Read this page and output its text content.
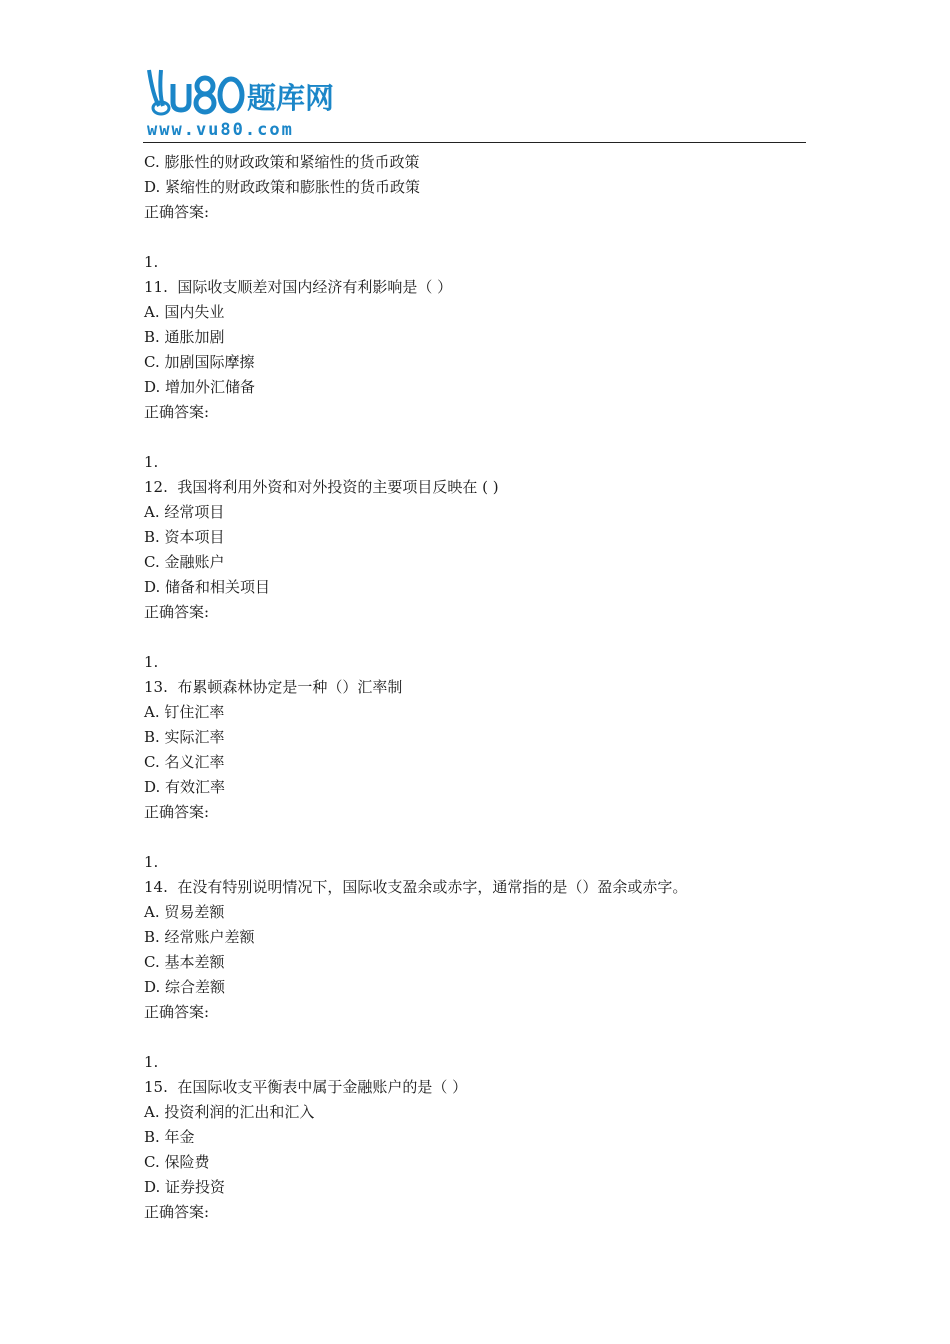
题库网
www.vu80.com
C. 膨胀性的财政政策和紧缩性的货币政策
D. 紧缩性的财政政策和膨胀性的货币政策
正确答案:
1.
11. 国际收支顺差对国内经济有利影响是（ ）
A. 国内失业
B. 通胀加剧
C. 加剧国际摩擦
D. 增加外汇储备
正确答案:
1.
12. 我国将利用外资和对外投资的主要项目反映在 ( )
A. 经常项目
B. 资本项目
C. 金融账户
D. 储备和相关项目
正确答案:
1.
13. 布累顿森林协定是一种（）汇率制
A. 钉住汇率
B. 实际汇率
C. 名义汇率
D. 有效汇率
正确答案:
1.
14. 在没有特别说明情况下，国际收支盈余或赤字，通常指的是（）盈余或赤字。
A. 贸易差额
B. 经常账户差额
C. 基本差额
D. 综合差额
正确答案:
1.
15. 在国际收支平衡表中属于金融账户的是（ ）
A. 投资利润的汇出和汇入
B. 年金
C. 保险费
D. 证券投资
正确答案:
